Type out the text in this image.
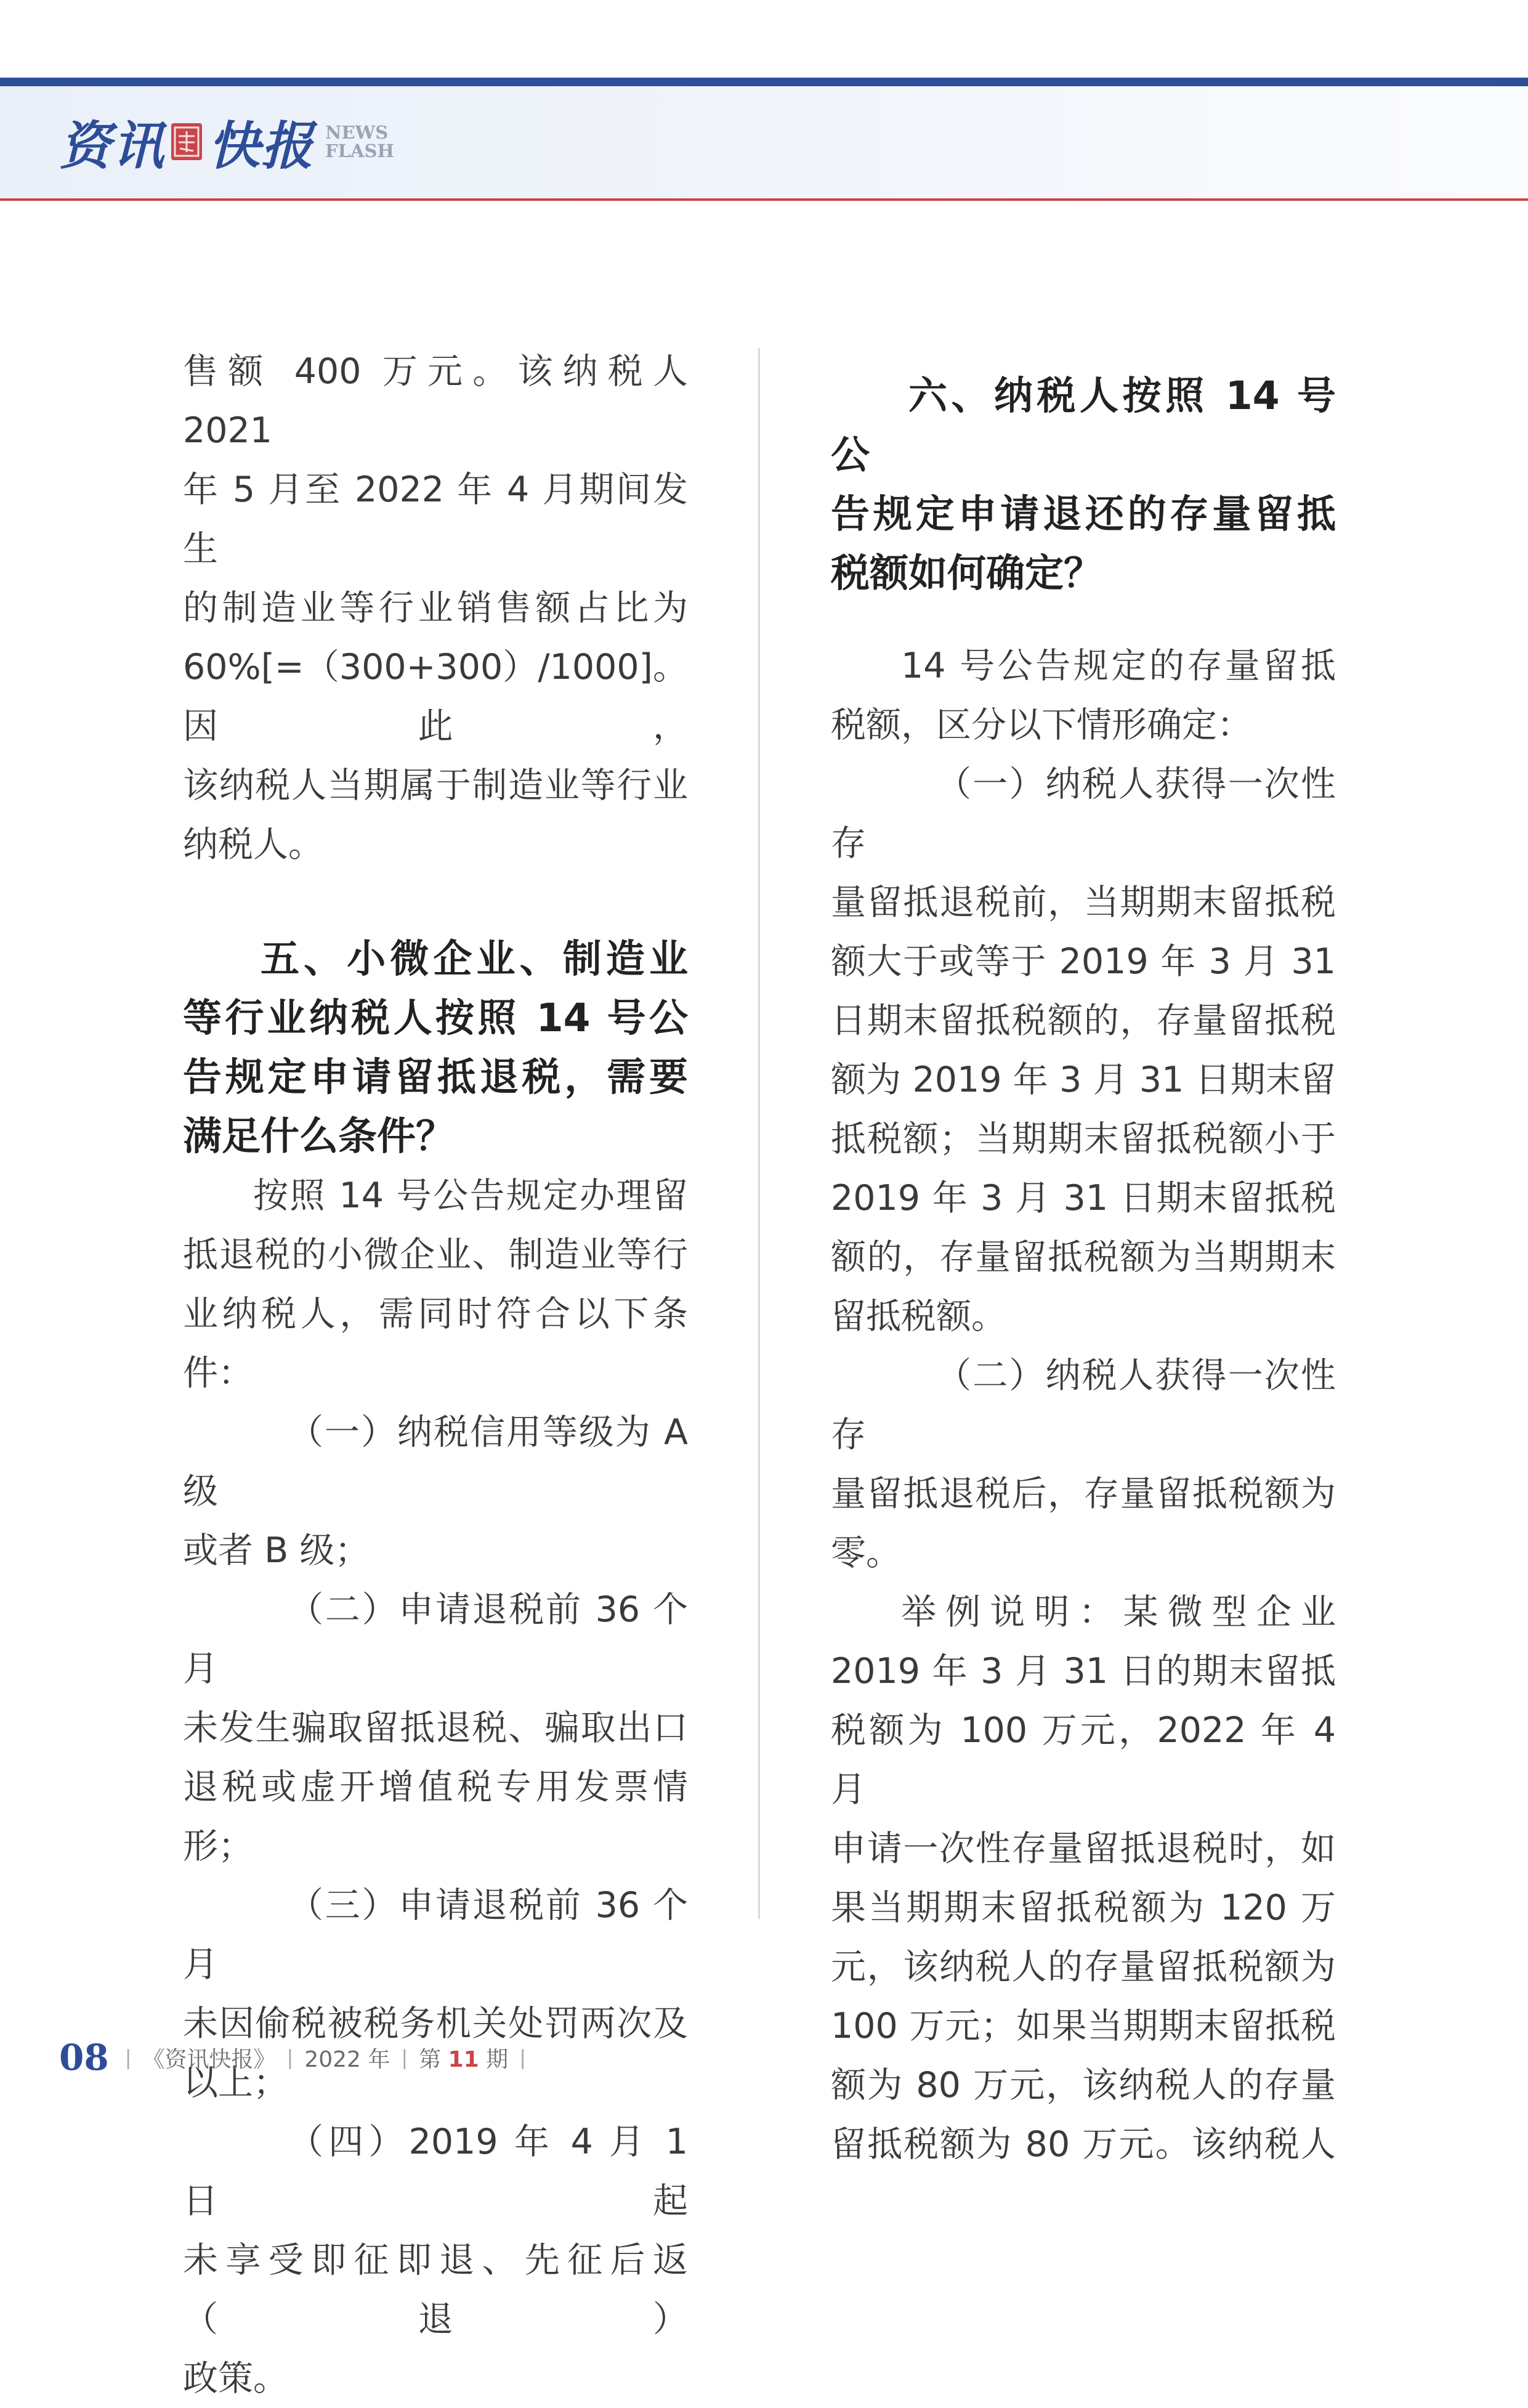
资讯 快报 NEWS
FLASH

售额 400 万元。该纳税人 2021

年 5 月至 2022 年 4 月期间发生

的制造业等行业销售额占比为

60%[=（300+300）/1000]。因此，

该纳税人当期属于制造业等行业

纳税人。

五、小微企业、制造业

等行业纳税人按照 14 号公

告规定申请留抵退税，需要

满足什么条件？

按照 14 号公告规定办理留

抵退税的小微企业、制造业等行

业纳税人，需同时符合以下条件：

（一）纳税信用等级为 A 级

或者 B 级；

（二）申请退税前 36 个月

未发生骗取留抵退税、骗取出口

退税或虚开增值税专用发票情

形；

（三）申请退税前 36 个月

未因偷税被税务机关处罚两次及

以上；

（四）2019 年 4 月 1 日起

未享受即征即退、先征后返（退）

政策。

六、纳税人按照 14 号公

告规定申请退还的存量留抵

税额如何确定？

14 号公告规定的存量留抵

税额，区分以下情形确定：

（一）纳税人获得一次性存

量留抵退税前，当期期末留抵税

额大于或等于 2019 年 3 月 31

日期末留抵税额的，存量留抵税

额为 2019 年 3 月 31 日期末留

抵税额；当期期末留抵税额小于

2019 年 3 月 31 日期末留抵税

额的，存量留抵税额为当期期末

留抵税额。

（二）纳税人获得一次性存

量留抵退税后，存量留抵税额为

零。

举例说明：某微型企业

2019 年 3 月 31 日的期末留抵

税额为 100 万元，2022 年 4 月

申请一次性存量留抵退税时，如

果当期期末留抵税额为 120 万

元，该纳税人的存量留抵税额为

100 万元；如果当期期末留抵税

额为 80 万元，该纳税人的存量

留抵税额为 80 万元。该纳税人

08 | 《资讯快报》 | 2022 年 | 第 11 期 |
